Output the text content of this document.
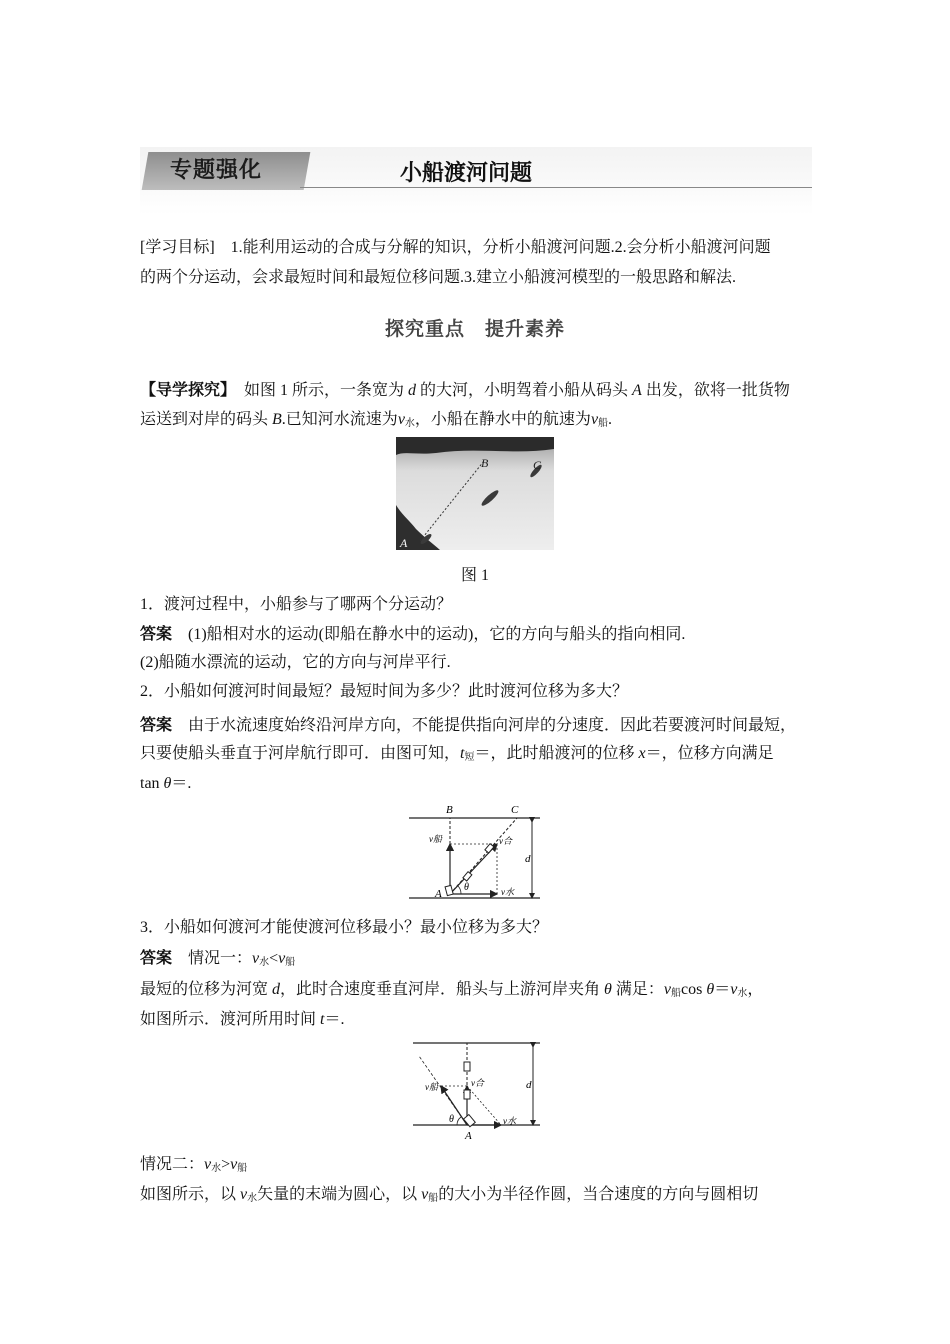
专题强化	小船渡河问题
[学习目标]　1.能利用运动的合成与分解的知识，分析小船渡河问题.2.会分析小船渡河问题
的两个分运动，会求最短时间和最短位移问题.3.建立小船渡河模型的一般思路和解法.
探究重点　提升素养
【导学探究】　如图 1 所示，一条宽为 d 的大河，小明驾着小船从码头 A 出发，欲将一批货物
运送到对岸的码头 B.已知河水流速为$v_水$，小船在静水中的航速为$v_船$.
B	C
A
图 1
1．渡河过程中，小船参与了哪两个分运动？
答案　(1)船相对水的运动(即船在静水中的运动)，它的方向与船头的指向相同.
(2)船随水漂流的运动，它的方向与河岸平行.
2．小船如何渡河时间最短？最短时间为多少？此时渡河位移为多大？
答案　由于水流速度始终沿河岸方向，不能提供指向河岸的分速度．因此若要渡河时间最短，
只要使船头垂直于河岸航行即可．由图可知，$t_短=$，此时船渡河的位移 x＝，位移方向满足
tan θ＝.
B	C
A
θ
v船	v合
v水
d
3．小船如何渡河才能使渡河位移最小？最小位移为多大？
答案　情况一：$v_水<v_船$
最短的位移为河宽 d，此时合速度垂直河岸．船头与上游河岸夹角 θ 满足：$v_船\cos$ $\theta=v_水$，
如图所示．渡河所用时间 t＝.
θ
A
v船	v合
v水
d
情况二：$v_水>v_船$
如图所示，以 $v_水$矢量的末端为圆心，以 $v_船$的大小为半径作圆，当合速度的方向与圆相切
